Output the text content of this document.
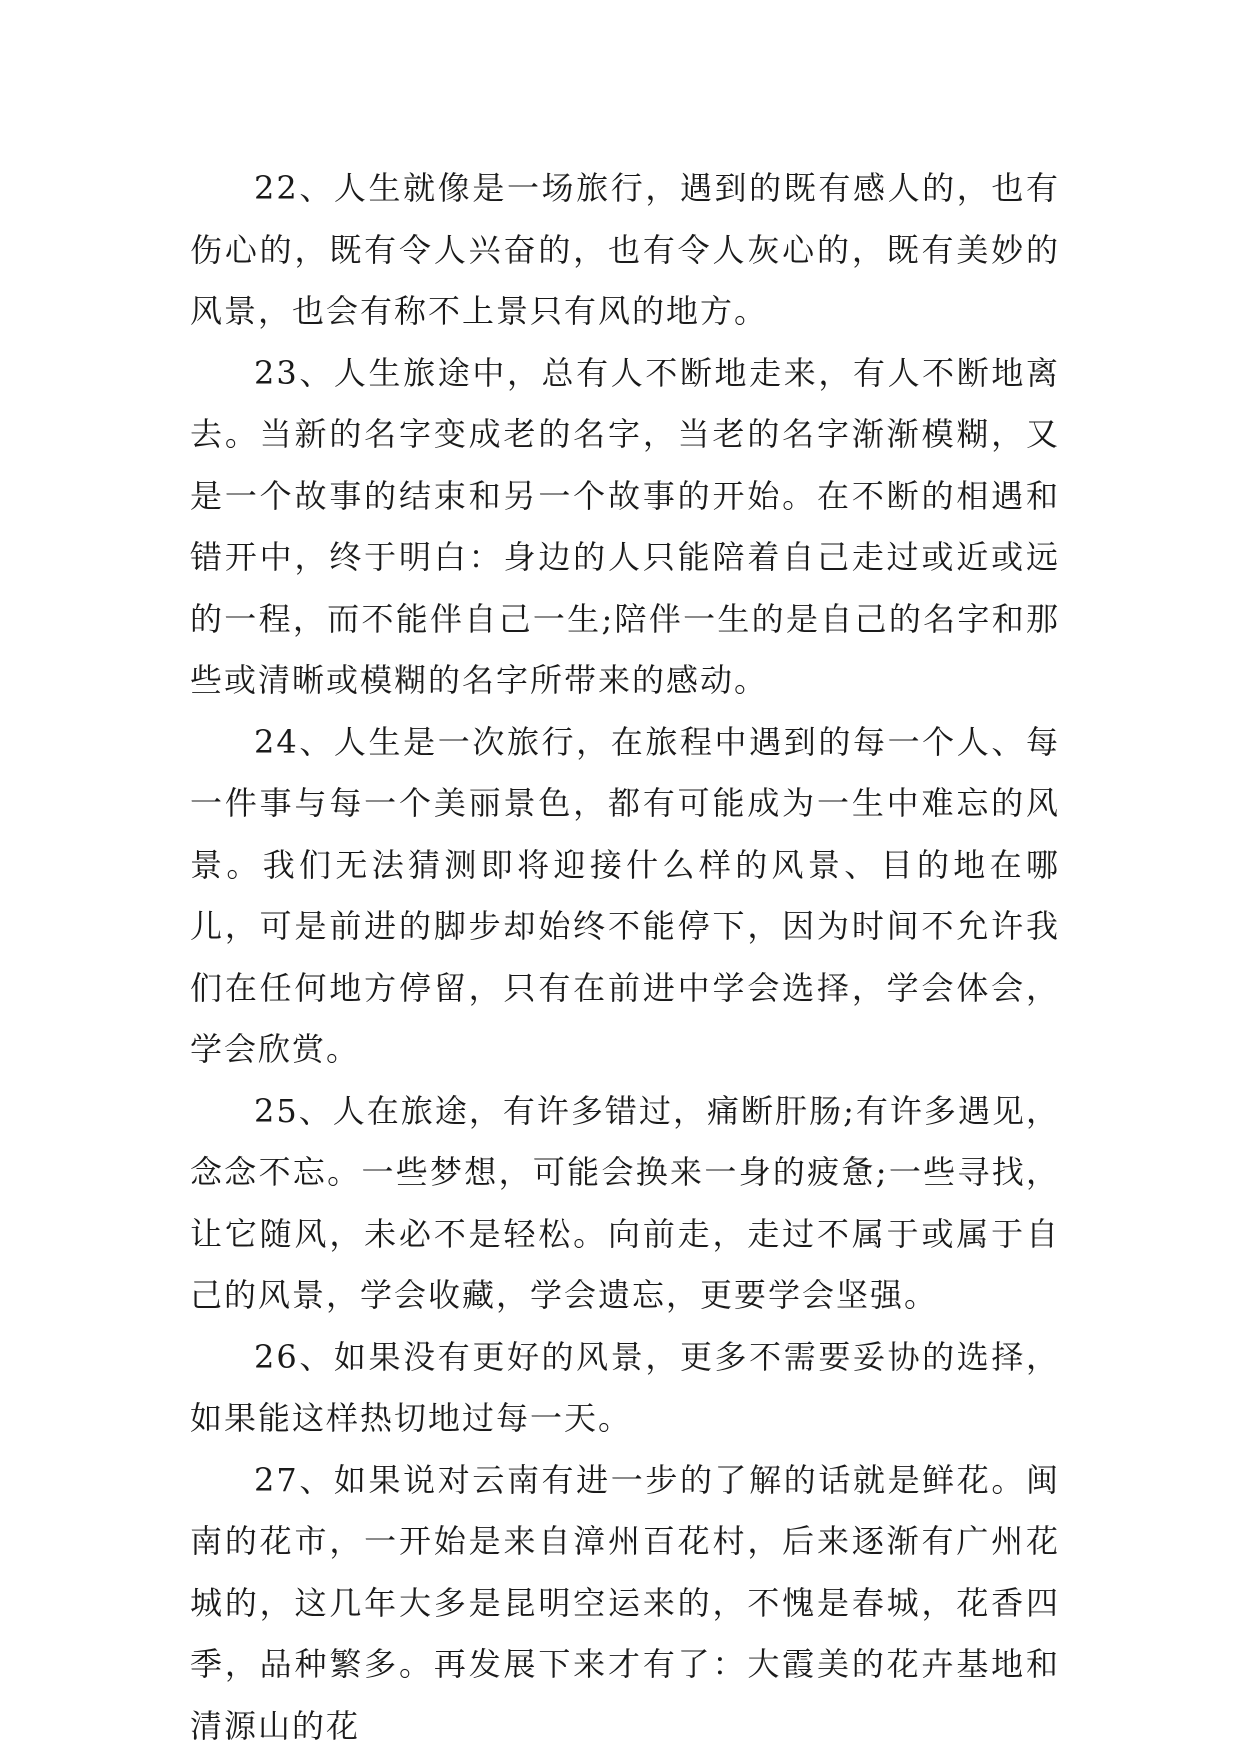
22、人生就像是一场旅行，遇到的既有感人的，也有伤心的，既有令人兴奋的，也有令人灰心的，既有美妙的风景，也会有称不上景只有风的地方。

23、人生旅途中，总有人不断地走来，有人不断地离去。当新的名字变成老的名字，当老的名字渐渐模糊，又是一个故事的结束和另一个故事的开始。在不断的相遇和错开中，终于明白：身边的人只能陪着自己走过或近或远的一程，而不能伴自己一生;陪伴一生的是自己的名字和那些或清晰或模糊的名字所带来的感动。

24、人生是一次旅行，在旅程中遇到的每一个人、每一件事与每一个美丽景色，都有可能成为一生中难忘的风景。我们无法猜测即将迎接什么样的风景、目的地在哪儿，可是前进的脚步却始终不能停下，因为时间不允许我们在任何地方停留，只有在前进中学会选择，学会体会，学会欣赏。

25、人在旅途，有许多错过，痛断肝肠;有许多遇见，念念不忘。一些梦想，可能会换来一身的疲惫;一些寻找，让它随风，未必不是轻松。向前走，走过不属于或属于自己的风景，学会收藏，学会遗忘，更要学会坚强。

26、如果没有更好的风景，更多不需要妥协的选择，如果能这样热切地过每一天。

27、如果说对云南有进一步的了解的话就是鲜花。闽南的花市，一开始是来自漳州百花村，后来逐渐有广州花城的，这几年大多是昆明空运来的，不愧是春城，花香四季，品种繁多。再发展下来才有了：大霞美的花卉基地和清源山的花
